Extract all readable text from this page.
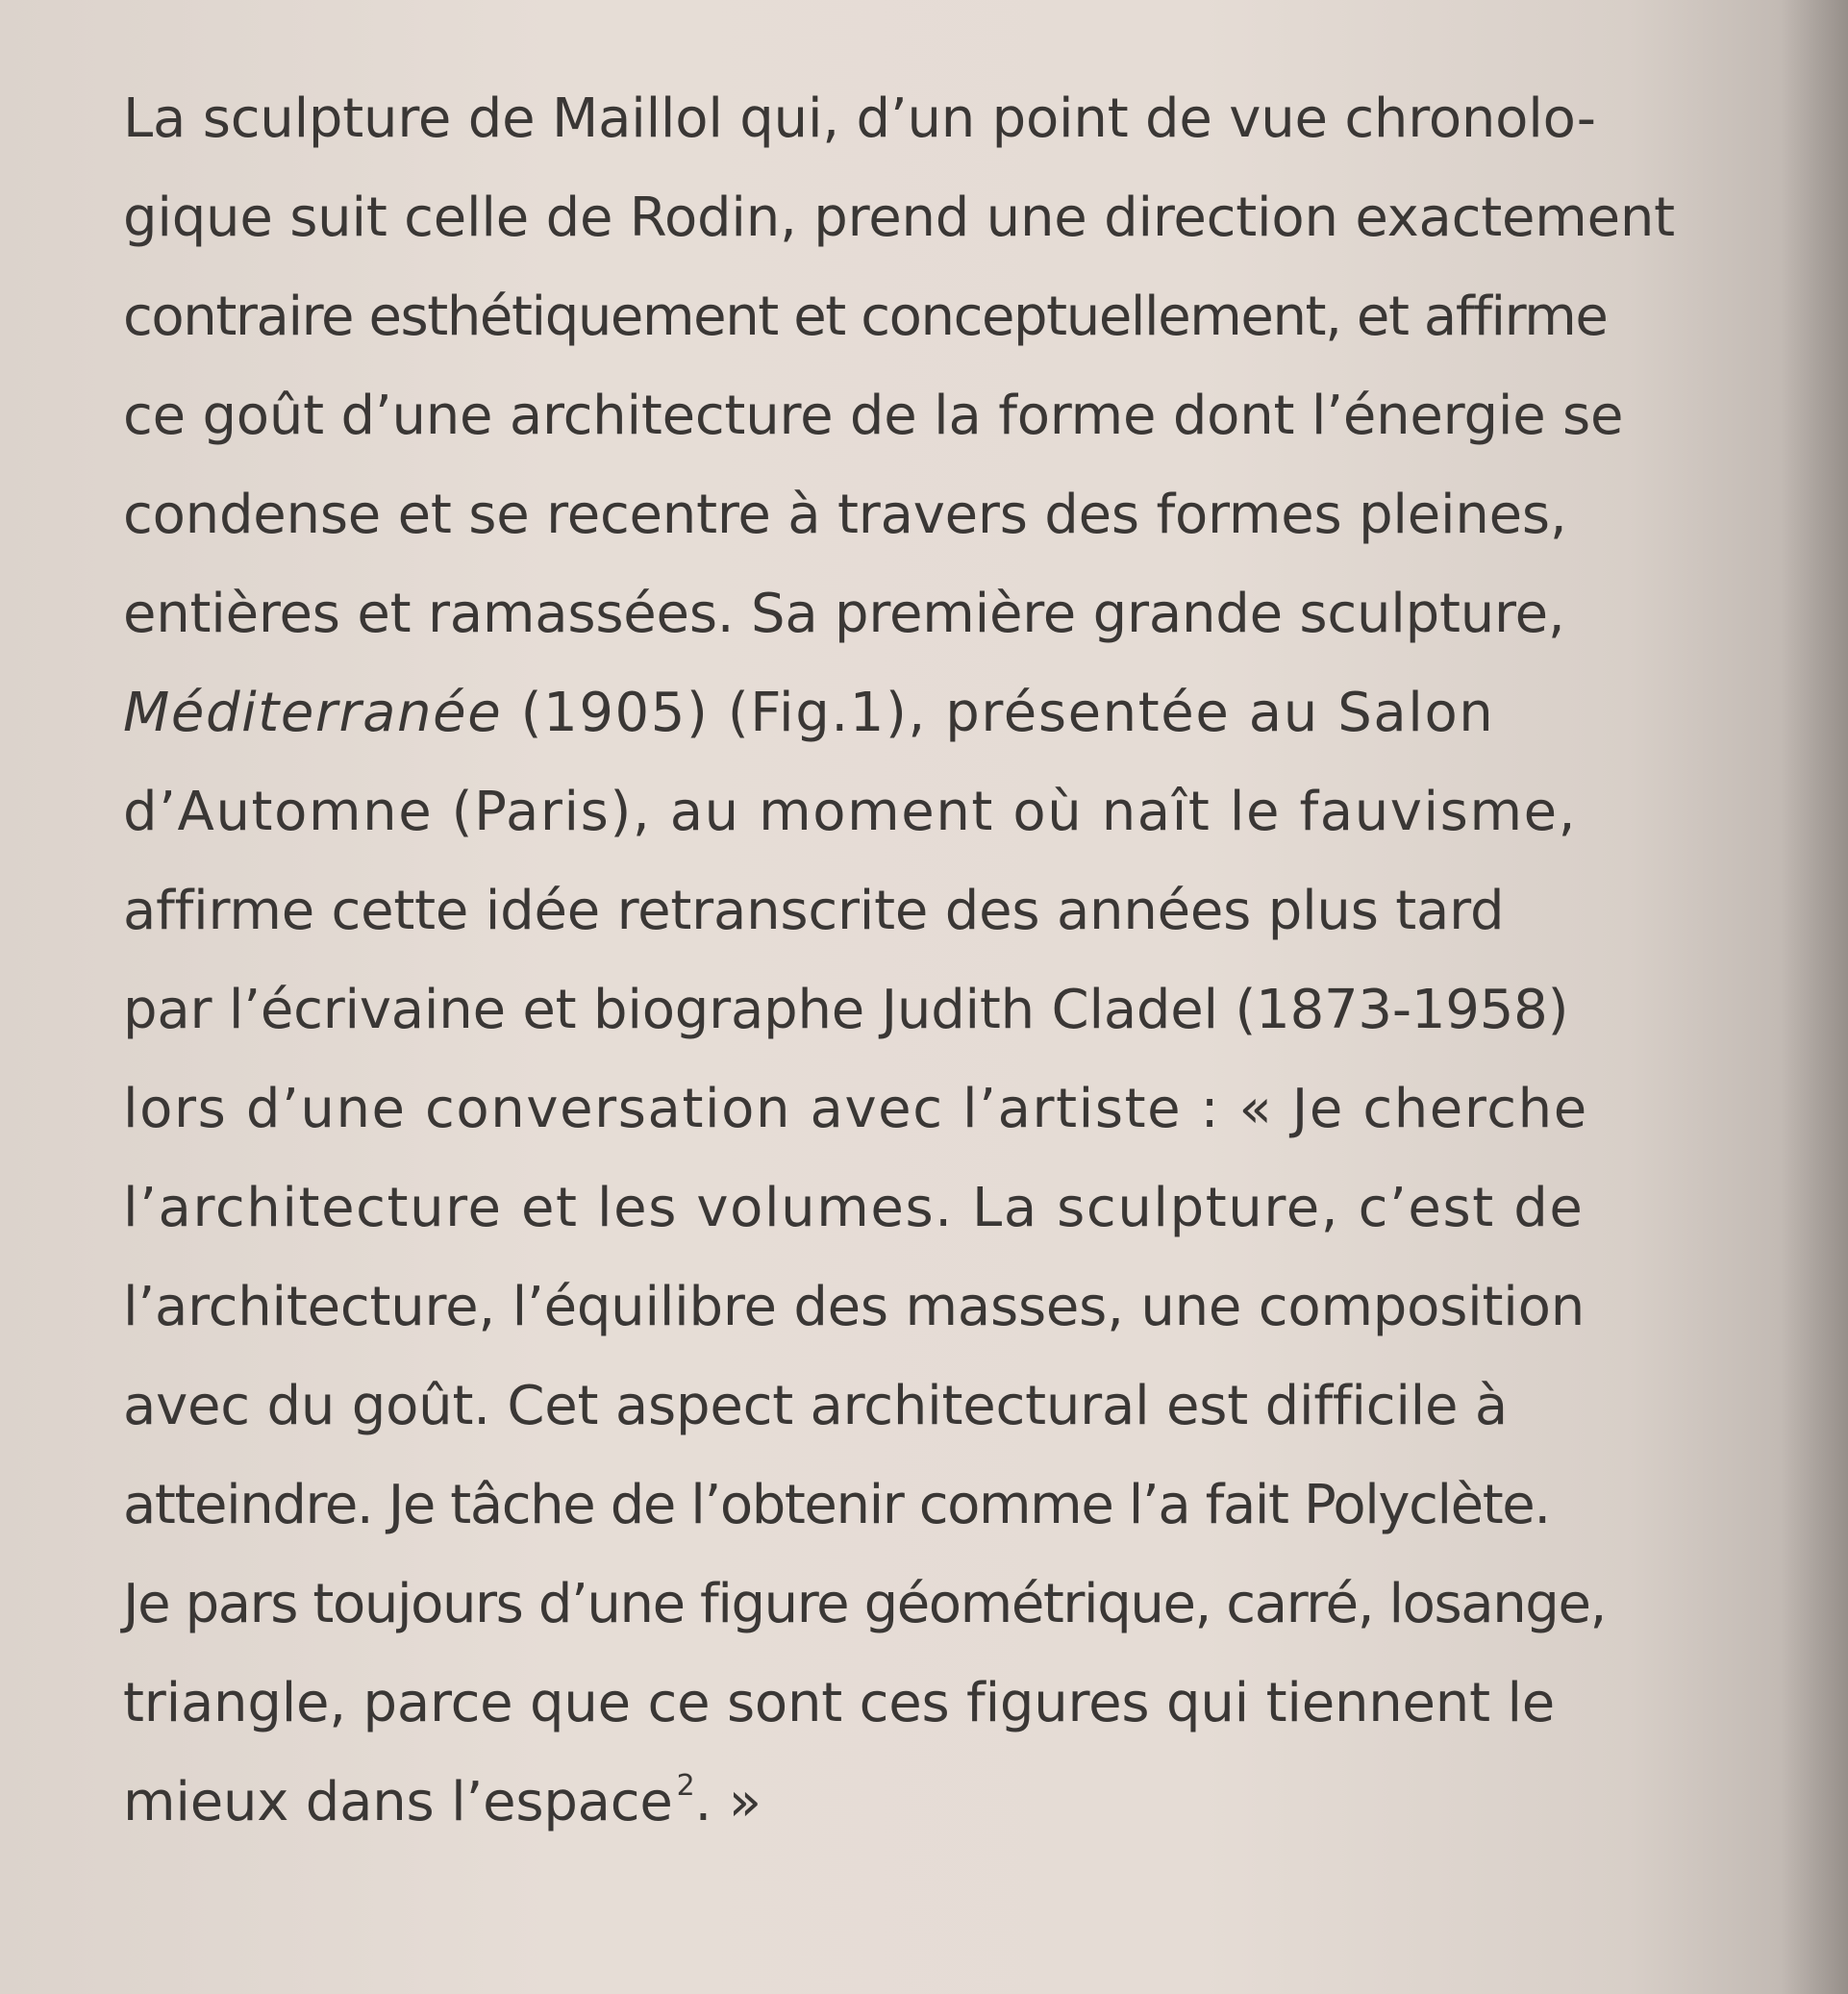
La sculpture de Maillol qui, d’un point de vue chronolo-
gique suit celle de Rodin, prend une direction exactement
contraire esthétiquement et conceptuellement, et affirme
ce goût d’une architecture de la forme dont l’énergie se
condense et se recentre à travers des formes pleines,
entières et ramassées. Sa première grande sculpture,
Méditerranée (1905) (Fig.1), présentée au Salon
d’Automne (Paris), au moment où naît le fauvisme,
affirme cette idée retranscrite des années plus tard
par l’écrivaine et biographe Judith Cladel (1873-1958)
lors d’une conversation avec l’artiste : « Je cherche
l’architecture et les volumes. La sculpture, c’est de
l’architecture, l’équilibre des masses, une composition
avec du goût. Cet aspect architectural est difficile à
atteindre. Je tâche de l’obtenir comme l’a fait Polyclète.
Je pars toujours d’une figure géométrique, carré, losange,
triangle, parce que ce sont ces figures qui tiennent le
mieux dans l’espace $^2$. »
